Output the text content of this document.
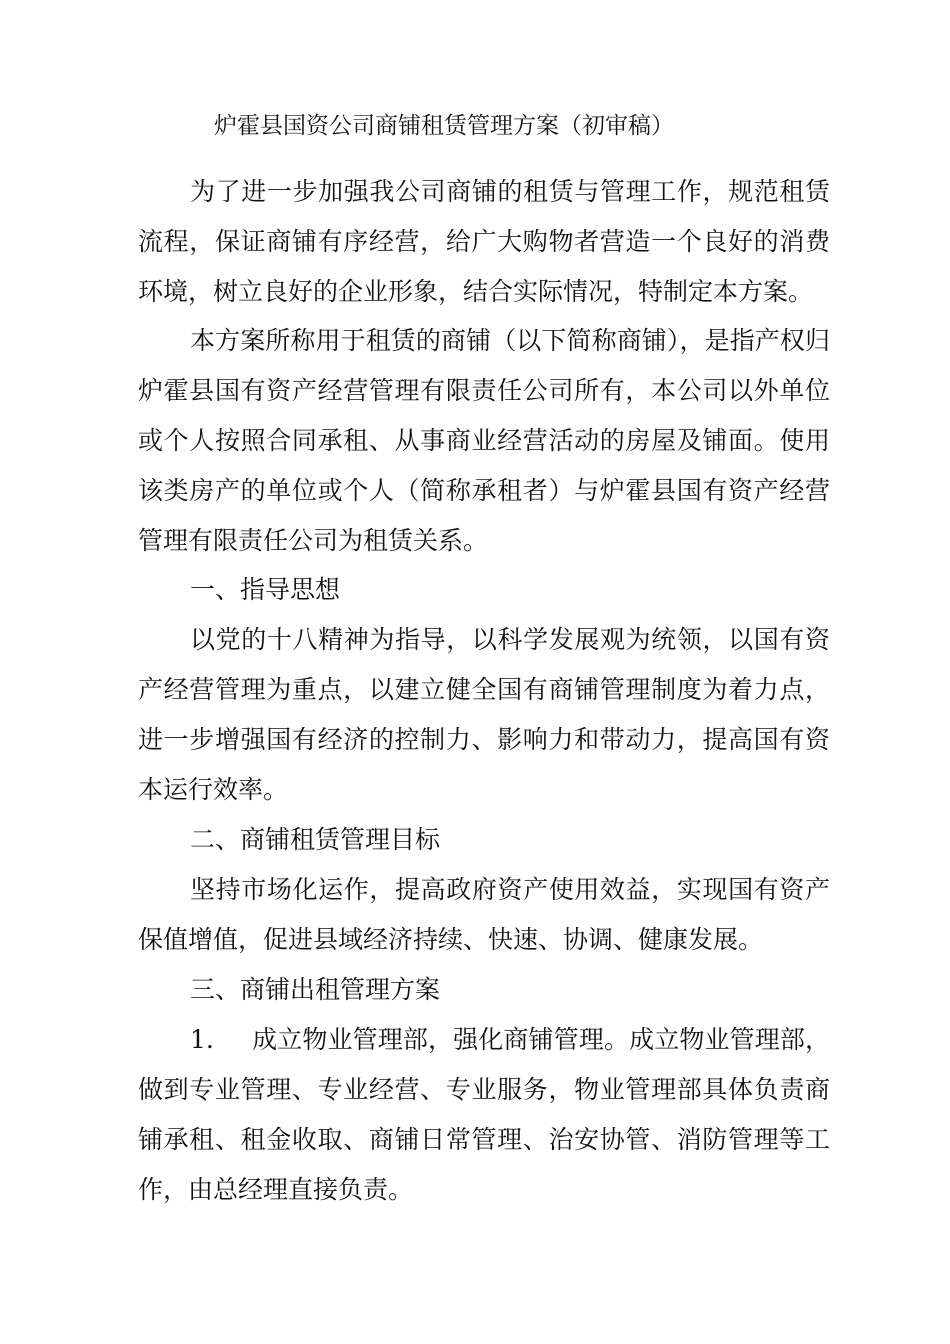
炉霍县国资公司商铺租赁管理方案（初审稿）

为了进一步加强我公司商铺的租赁与管理工作，规范租赁流程，保证商铺有序经营，给广大购物者营造一个良好的消费环境，树立良好的企业形象，结合实际情况，特制定本方案。

本方案所称用于租赁的商铺（以下简称商铺），是指产权归炉霍县国有资产经营管理有限责任公司所有，本公司以外单位或个人按照合同承租、从事商业经营活动的房屋及铺面。使用该类房产的单位或个人（简称承租者）与炉霍县国有资产经营管理有限责任公司为租赁关系。

一、指导思想

以党的十八精神为指导，以科学发展观为统领，以国有资产经营管理为重点，以建立健全国有商铺管理制度为着力点，进一步增强国有经济的控制力、影响力和带动力，提高国有资本运行效率。

二、商铺租赁管理目标

坚持市场化运作，提高政府资产使用效益，实现国有资产保值增值，促进县域经济持续、快速、协调、健康发展。

三、商铺出租管理方案

1. 成立物业管理部，强化商铺管理。成立物业管理部，做到专业管理、专业经营、专业服务，物业管理部具体负责商铺承租、租金收取、商铺日常管理、治安协管、消防管理等工作，由总经理直接负责。
